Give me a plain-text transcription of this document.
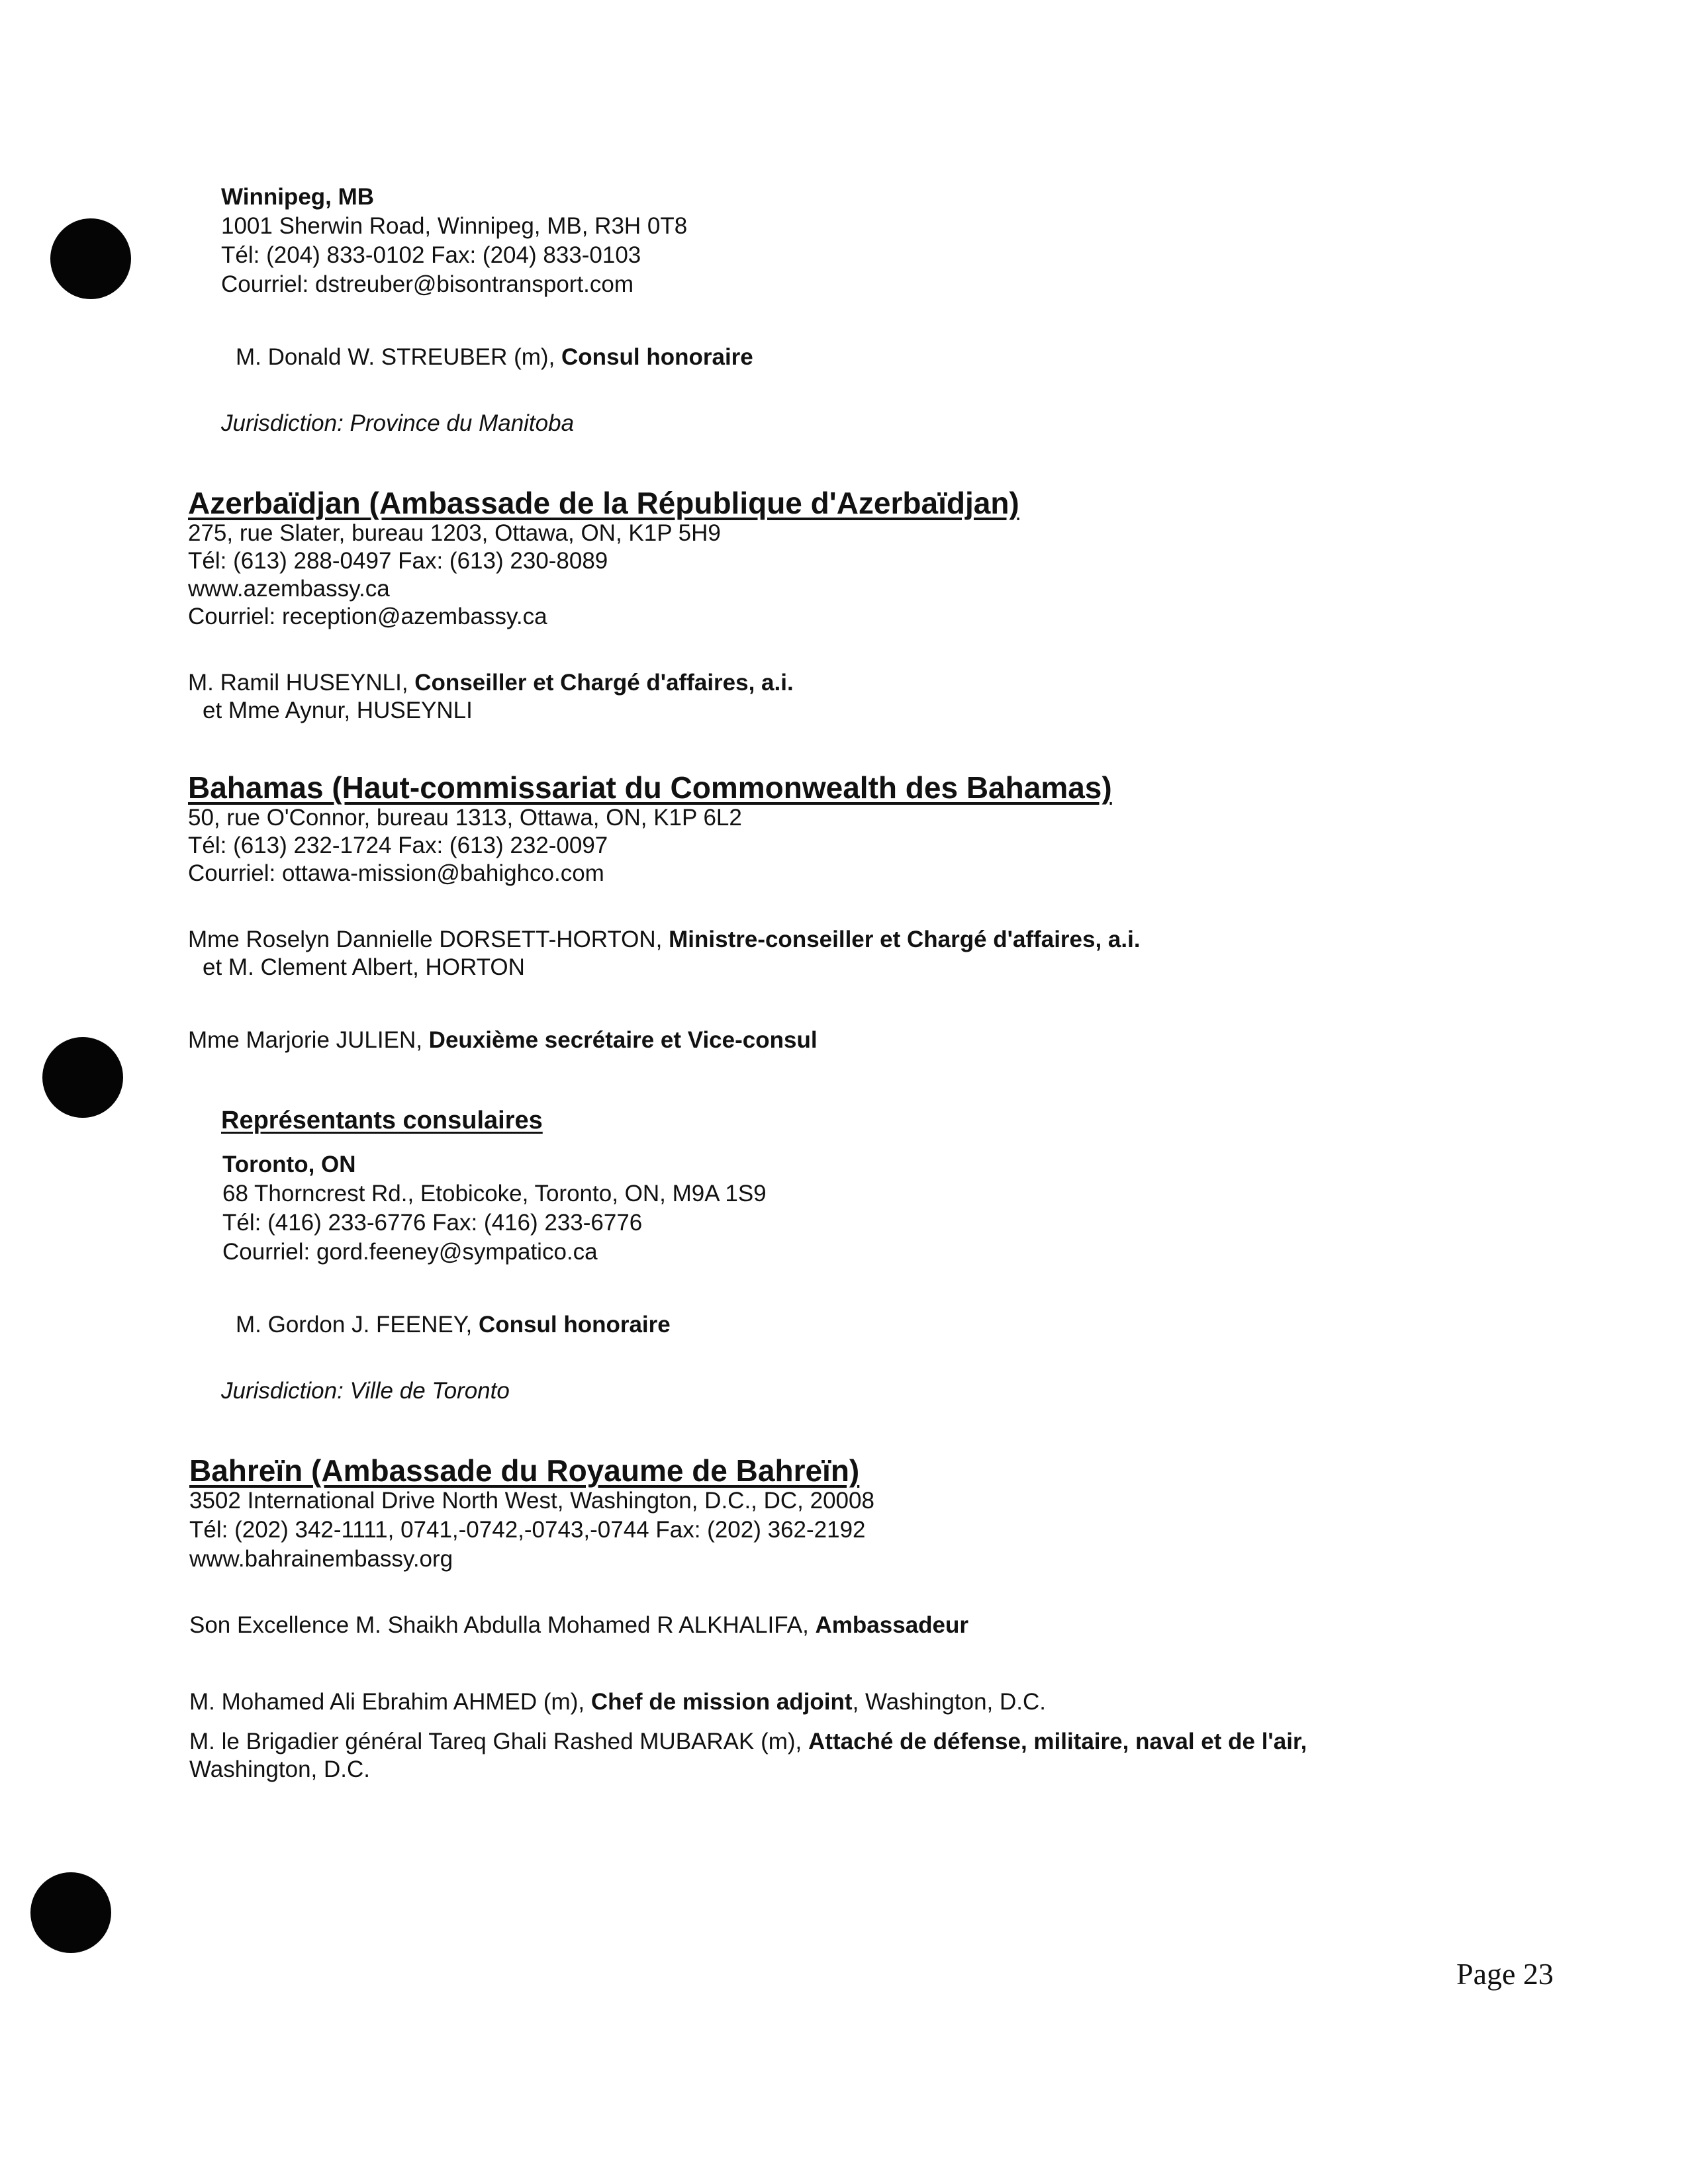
Winnipeg, MB
1001 Sherwin Road, Winnipeg, MB, R3H 0T8
Tél: (204) 833-0102 Fax: (204) 833-0103
Courriel: dstreuber@bisontransport.com
M. Donald W. STREUBER (m), Consul honoraire
Jurisdiction: Province du Manitoba
Azerbaïdjan (Ambassade de la République d'Azerbaïdjan)
275, rue Slater, bureau 1203, Ottawa, ON, K1P 5H9
Tél: (613) 288-0497 Fax: (613) 230-8089
www.azembassy.ca
Courriel: reception@azembassy.ca
M. Ramil HUSEYNLI, Conseiller et Chargé d'affaires, a.i.
et Mme Aynur, HUSEYNLI
Bahamas (Haut-commissariat du Commonwealth des Bahamas)
50, rue O'Connor, bureau 1313, Ottawa, ON, K1P 6L2
Tél: (613) 232-1724 Fax: (613) 232-0097
Courriel: ottawa-mission@bahighco.com
Mme Roselyn Dannielle DORSETT-HORTON, Ministre-conseiller et Chargé d'affaires, a.i.
et M. Clement Albert, HORTON
Mme Marjorie JULIEN, Deuxième secrétaire et Vice-consul
Représentants consulaires
Toronto, ON
68 Thorncrest Rd., Etobicoke, Toronto, ON, M9A 1S9
Tél: (416) 233-6776 Fax: (416) 233-6776
Courriel: gord.feeney@sympatico.ca
M. Gordon J. FEENEY, Consul honoraire
Jurisdiction: Ville de Toronto
Bahreïn (Ambassade du Royaume de Bahreïn)
3502 International Drive North West, Washington, D.C., DC, 20008
Tél: (202) 342-1111, 0741,-0742,-0743,-0744 Fax: (202) 362-2192
www.bahrainembassy.org
Son Excellence M. Shaikh Abdulla Mohamed R ALKHALIFA, Ambassadeur
M. Mohamed Ali Ebrahim AHMED (m), Chef de mission adjoint, Washington, D.C.
M. le Brigadier général Tareq Ghali Rashed MUBARAK (m), Attaché de défense, militaire, naval et de l'air,
Washington, D.C.
Page 23
